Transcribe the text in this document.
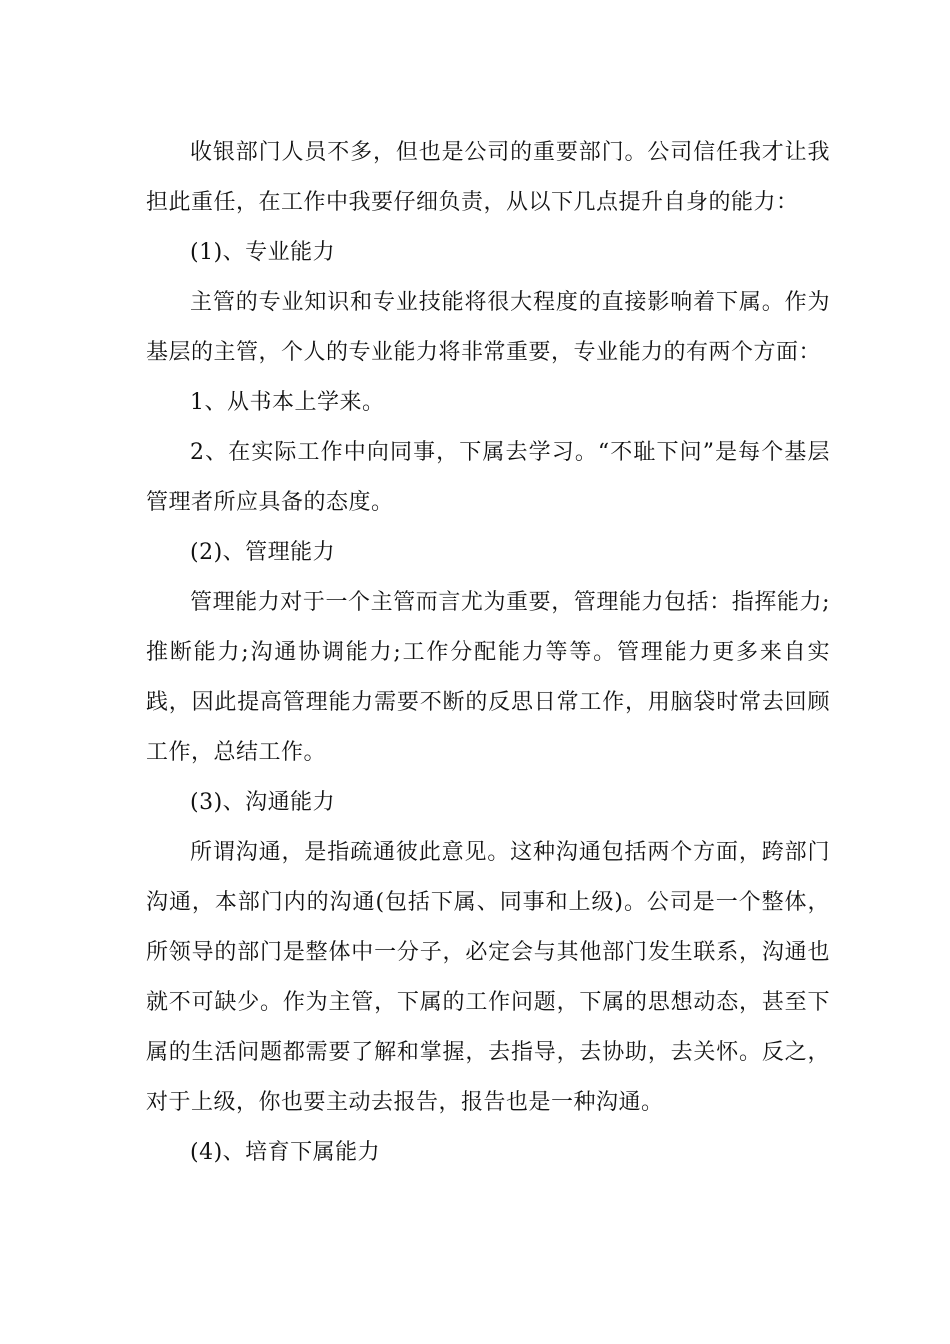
收银部门人员不多，但也是公司的重要部门。公司信任我才让我担此重任，在工作中我要仔细负责，从以下几点提升自身的能力：

(1)、专业能力

主管的专业知识和专业技能将很大程度的直接影响着下属。作为基层的主管，个人的专业能力将非常重要，专业能力的有两个方面：

1、从书本上学来。

2、在实际工作中向同事，下属去学习。“不耻下问”是每个基层管理者所应具备的态度。

(2)、管理能力

管理能力对于一个主管而言尤为重要，管理能力包括：指挥能力;推断能力;沟通协调能力;工作分配能力等等。管理能力更多来自实践，因此提高管理能力需要不断的反思日常工作，用脑袋时常去回顾工作，总结工作。

(3)、沟通能力

所谓沟通，是指疏通彼此意见。这种沟通包括两个方面，跨部门沟通，本部门内的沟通(包括下属、同事和上级)。公司是一个整体，所领导的部门是整体中一分子，必定会与其他部门发生联系，沟通也就不可缺少。作为主管，下属的工作问题，下属的思想动态，甚至下属的生活问题都需要了解和掌握，去指导，去协助，去关怀。反之，对于上级，你也要主动去报告，报告也是一种沟通。

(4)、培育下属能力
